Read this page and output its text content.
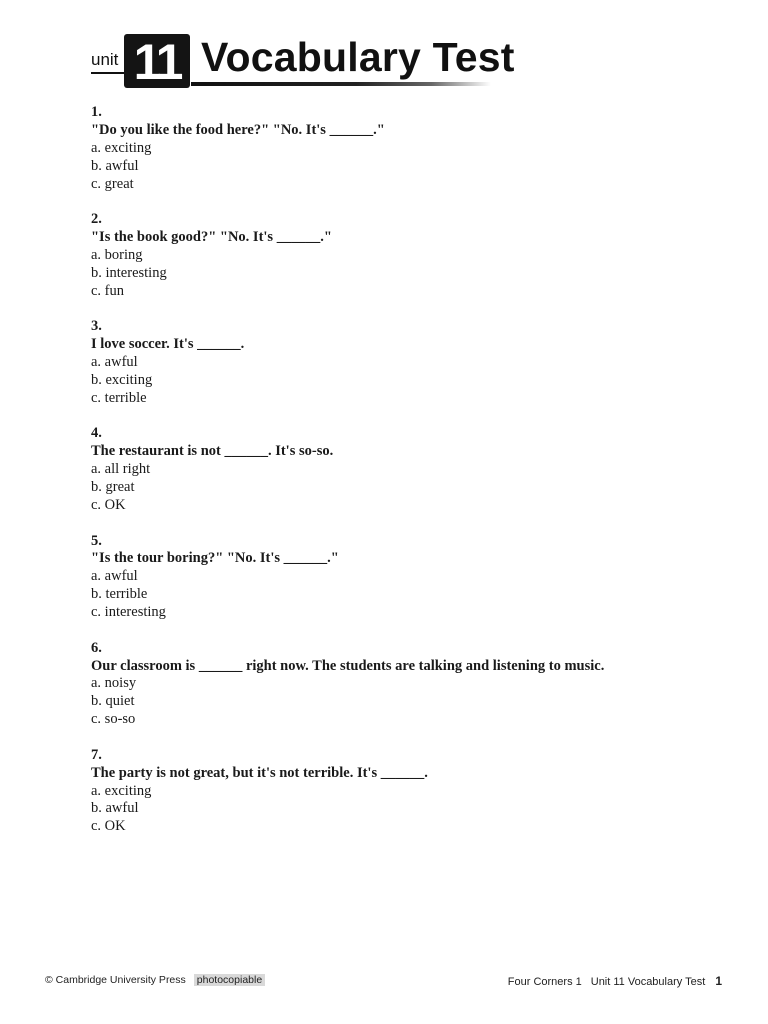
unit 11 Vocabulary Test
1.
"Do you like the food here?" "No. It's ______."
a. exciting
b. awful
c. great
2.
"Is the book good?" "No. It's ______."
a. boring
b. interesting
c. fun
3.
I love soccer. It's ______.
a. awful
b. exciting
c. terrible
4.
The restaurant is not ______. It's so-so.
a. all right
b. great
c. OK
5.
"Is the tour boring?" "No. It's ______."
a. awful
b. terrible
c. interesting
6.
Our classroom is ______ right now. The students are talking and listening to music.
a. noisy
b. quiet
c. so-so
7.
The party is not great, but it's not terrible. It's ______.
a. exciting
b. awful
c. OK
© Cambridge University Press photocopiable	Four Corners 1 Unit 11 Vocabulary Test 1
